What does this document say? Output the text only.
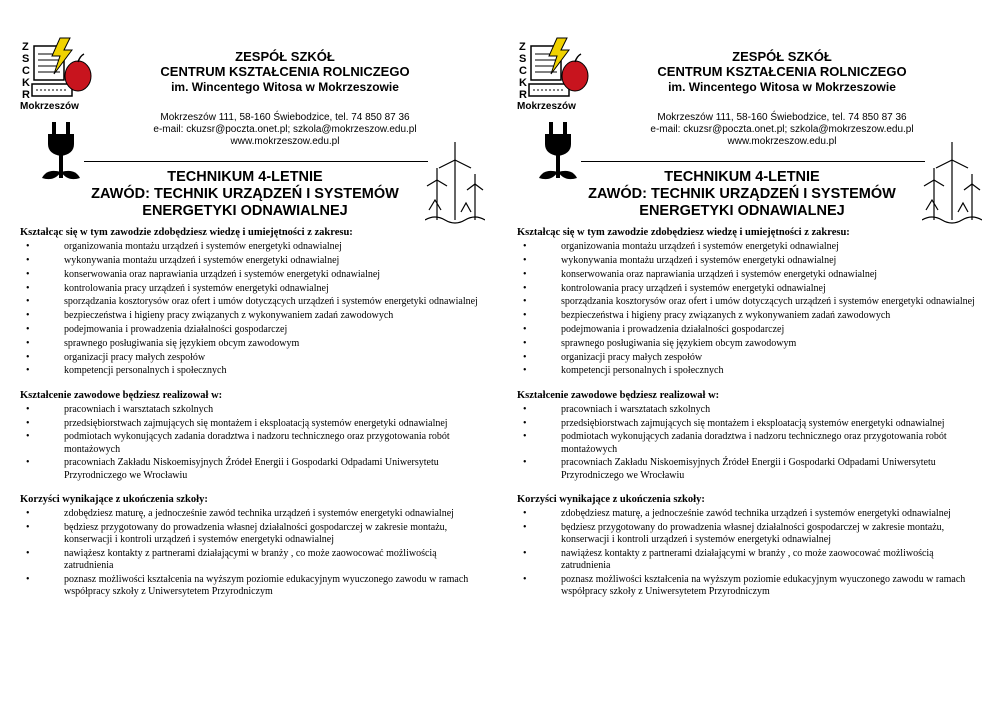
Z
S
C
K
R
Mokrzeszów
ZESPÓŁ SZKÓŁ
CENTRUM KSZTAŁCENIA ROLNICZEGO
im. Wincentego Witosa w Mokrzeszowie
Mokrzeszów 111, 58-160 Świebodzice, tel. 74 850 87 36
e-mail: ckuzsr@poczta.onet.pl; szkola@mokrzeszow.edu.pl
www.mokrzeszow.edu.pl
TECHNIKUM 4-LETNIE
ZAWÓD: TECHNIK URZĄDZEŃ I SYSTEMÓW
ENERGETYKI ODNAWIALNEJ

Kształcąc się w tym zawodzie zdobędziesz wiedzę i umiejętności z zakresu:

•	organizowania montażu urządzeń i systemów energetyki odnawialnej
•	wykonywania montażu urządzeń i systemów energetyki odnawialnej
•	konserwowania oraz naprawiania urządzeń i systemów energetyki odnawialnej
•	kontrolowania pracy urządzeń i systemów energetyki odnawialnej
•	sporządzania kosztorysów oraz ofert i umów dotyczących urządzeń i systemów energetyki odnawialnej
•	bezpieczeństwa i higieny pracy związanych z wykonywaniem zadań zawodowych
•	podejmowania i prowadzenia działalności gospodarczej
•	sprawnego posługiwania się językiem obcym zawodowym
•	organizacji pracy małych zespołów
•	kompetencji personalnych i społecznych

Kształcenie zawodowe będziesz realizował w:

•	pracowniach i warsztatach szkolnych
•	przedsiębiorstwach zajmujących się montażem i eksploatacją systemów energetyki odnawialnej
•	podmiotach wykonujących zadania doradztwa i nadzoru technicznego oraz przygotowania robót montażowych
•	pracowniach Zakładu Niskoemisyjnych Źródeł Energii i Gospodarki Odpadami Uniwersytetu Przyrodniczego we Wrocławiu

Korzyści wynikające z ukończenia szkoły:

•	zdobędziesz maturę, a jednocześnie zawód technika urządzeń i systemów energetyki odnawialnej
•	będziesz przygotowany do prowadzenia własnej działalności gospodarczej w zakresie montażu, konserwacji i kontroli urządzeń i systemów energetyki odnawialnej
•	nawiążesz kontakty z partnerami działającymi w branży , co może zaowocować możliwością zatrudnienia
•	poznasz możliwości kształcenia na wyższym poziomie edukacyjnym wyuczonego zawodu w ramach współpracy szkoły z Uniwersytetem Przyrodniczym
Z
S
C
K
R
Mokrzeszów
ZESPÓŁ SZKÓŁ
CENTRUM KSZTAŁCENIA ROLNICZEGO
im. Wincentego Witosa w Mokrzeszowie
Mokrzeszów 111, 58-160 Świebodzice, tel. 74 850 87 36
e-mail: ckuzsr@poczta.onet.pl; szkola@mokrzeszow.edu.pl
www.mokrzeszow.edu.pl
TECHNIKUM 4-LETNIE
ZAWÓD: TECHNIK URZĄDZEŃ I SYSTEMÓW
ENERGETYKI ODNAWIALNEJ

Kształcąc się w tym zawodzie zdobędziesz wiedzę i umiejętności z zakresu:

•	organizowania montażu urządzeń i systemów energetyki odnawialnej
•	wykonywania montażu urządzeń i systemów energetyki odnawialnej
•	konserwowania oraz naprawiania urządzeń i systemów energetyki odnawialnej
•	kontrolowania pracy urządzeń i systemów energetyki odnawialnej
•	sporządzania kosztorysów oraz ofert i umów dotyczących urządzeń i systemów energetyki odnawialnej
•	bezpieczeństwa i higieny pracy związanych z wykonywaniem zadań zawodowych
•	podejmowania i prowadzenia działalności gospodarczej
•	sprawnego posługiwania się językiem obcym zawodowym
•	organizacji pracy małych zespołów
•	kompetencji personalnych i społecznych

Kształcenie zawodowe będziesz realizował w:

•	pracowniach i warsztatach szkolnych
•	przedsiębiorstwach zajmujących się montażem i eksploatacją systemów energetyki odnawialnej
•	podmiotach wykonujących zadania doradztwa i nadzoru technicznego oraz przygotowania robót montażowych
•	pracowniach Zakładu Niskoemisyjnych Źródeł Energii i Gospodarki Odpadami Uniwersytetu Przyrodniczego we Wrocławiu

Korzyści wynikające z ukończenia szkoły:

•	zdobędziesz maturę, a jednocześnie zawód technika urządzeń i systemów energetyki odnawialnej
•	będziesz przygotowany do prowadzenia własnej działalności gospodarczej w zakresie montażu, konserwacji i kontroli urządzeń i systemów energetyki odnawialnej
•	nawiążesz kontakty z partnerami działającymi w branży , co może zaowocować możliwością zatrudnienia
•	poznasz możliwości kształcenia na wyższym poziomie edukacyjnym wyuczonego zawodu w ramach współpracy szkoły z Uniwersytetem Przyrodniczym
